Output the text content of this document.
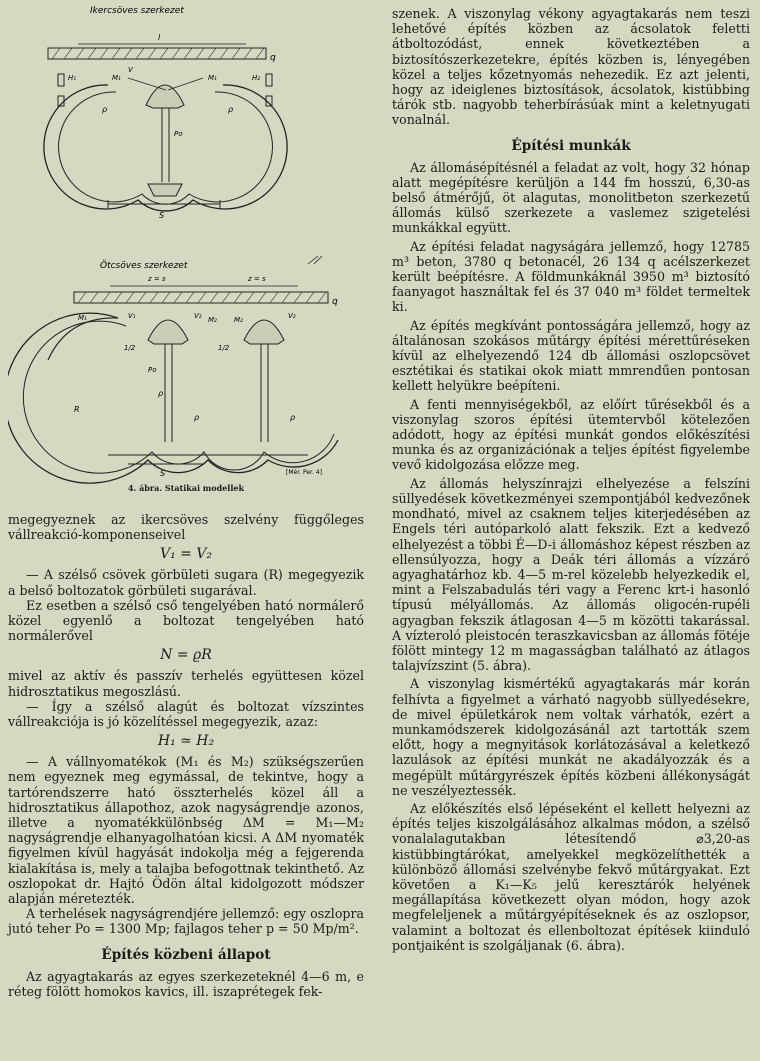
Ikercsöves szerkezet
l
q
H₁	H₂
M₁	M₁
V
ρ	ρ
Po
S
Ötcsöves szerkezet
z = s	z = s
q
M₁	V₁	V₂ M₂ M₂	V₂
1/2	1/2
Po
R
ρ
ρ
ρ
S	[Mér. Per. 4]
4. ábra. Statikai modellek

megegyeznek az ikercsöves szelvény függőleges vállreakció-komponenseivel

V₁ = V₂

— A szélső csövek görbületi sugara (R) megegyezik a belső boltozatok görbületi sugarával.

Ez esetben a szélső cső tengelyében ható normálerő közel egyenlő a boltozat tengelyében ható normálerővel

N = ϱR

mivel az aktív és passzív terhelés együttesen közel hidrosztatikus megoszlású.

— Így a szélső alagút és boltozat vízszintes vállreakciója is jó közelítéssel megegyezik, azaz:

H₁ ≃ H₂

— A vállnyomatékok (M₁ és M₂) szükségszerűen nem egyeznek meg egymással, de tekintve, hogy a tartórendszerre ható összterhelés közel áll a hidrosztatikus állapothoz, azok nagyságrendje azonos, illetve a nyomatékkülönbség ΔM = M₁—M₂ nagyságrendje elhanyagolhatóan kicsi. A ΔM nyomaték figyelmen kívül hagyását indokolja még a fejgerenda kialakítása is, mely a talajba befogottnak tekinthető. Az oszlopokat dr. Hajtó Ödön által kidolgozott módszer alapján méretezték.

A terhelések nagyságrendjére jellemző: egy oszlopra jutó teher Po = 1300 Mp; fajlagos teher p = 50 Mp/m².

Építés közbeni állapot

Az agyagtakarás az egyes szerkezeteknél 4—6 m, e réteg fölött homokos kavics, ill. iszaprétegek fek-

szenek. A viszonylag vékony agyagtakarás nem teszi lehetővé építés közben az ácsolatok feletti átboltozódást, ennek következtében a biztosítószerkezetekre, építés közben is, lényegében közel a teljes kőzetnyomás nehezedik. Ez azt jelenti, hogy az ideiglenes biztosítások, ácsolatok, kistübbing tárók stb. nagyobb teherbírásúak mint a keletnyugati vonalnál.

Építési munkák

Az állomásépítésnél a feladat az volt, hogy 32 hónap alatt megépítésre kerüljön a 144 fm hosszú, 6,30-as belső átmérőjű, öt alagutas, monolitbeton szerkezetű állomás külső szerkezete a vaslemez szigetelési munkákkal együtt.

Az építési feladat nagyságára jellemző, hogy 12785 m³ beton, 3780 q betonacél, 26 134 q acélszerkezet került beépítésre. A földmunkáknál 3950 m³ biztosító faanyagot használtak fel és 37 040 m³ földet termeltek ki.

Az építés megkívánt pontosságára jellemző, hogy az általánosan szokásos műtárgy építési mérettűréseken kívül az elhelyezendő 124 db állomási oszlopcsövet esztétikai és statikai okok miatt mmrendűen pontosan kellett helyükre beépíteni.

A fenti mennyiségekből, az előírt tűrésekből és a viszonylag szoros építési ütemtervből kötelezően adódott, hogy az építési munkát gondos előkészítési munka és az organizációnak a teljes építést figyelembe vevő kidolgozása előzze meg.

Az állomás helyszínrajzi elhelyezése a felszíni süllyedések következményei szempontjából kedvezőnek mondható, mivel az csaknem teljes kiterjedésében az Engels téri autóparkoló alatt fekszik. Ezt a kedvező elhelyezést a többi É—D-i állomáshoz képest részben az ellensúlyozza, hogy a Deák téri állomás a vízzáró agyaghatárhoz kb. 4—5 m-rel közelebb helyezkedik el, mint a Felszabadulás téri vagy a Ferenc krt-i hasonló típusú mélyállomás. Az állomás oligocén-rupéli agyagban fekszik átlagosan 4—5 m közötti takarással. A vízteroló pleistocén teraszkavicsban az állomás fötéje fölött mintegy 12 m magasságban található az átlagos talajvízszint (5. ábra).

A viszonylag kismértékű agyagtakarás már korán felhívta a figyelmet a várható nagyobb süllyedésekre, de mivel épületkárok nem voltak várhatók, ezért a munkamódszerek kidolgozásánál azt tartották szem előtt, hogy a megnyitások korlátozásával a keletkező lazulások az építési munkát ne akadályozzák és a megépült műtárgyrészek építés közbeni állékonyságát ne veszélyeztessék.

Az előkészítés első lépéseként el kellett helyezni az építés teljes kiszolgálásához alkalmas módon, a szélső vonalalagutakban létesítendő ⌀3,20-as kistübbingtárókat, amelyekkel megközelíthették a különböző állomási szelvénybe fekvő műtárgyakat. Ezt követően a K₁—K₅ jelű keresztárók helyének megállapítása következett olyan módon, hogy azok megfeleljenek a műtárgyépítéseknek és az oszlopsor, valamint a boltozat és ellenboltozat építések kiinduló pontjaiként is szolgáljanak (6. ábra).
